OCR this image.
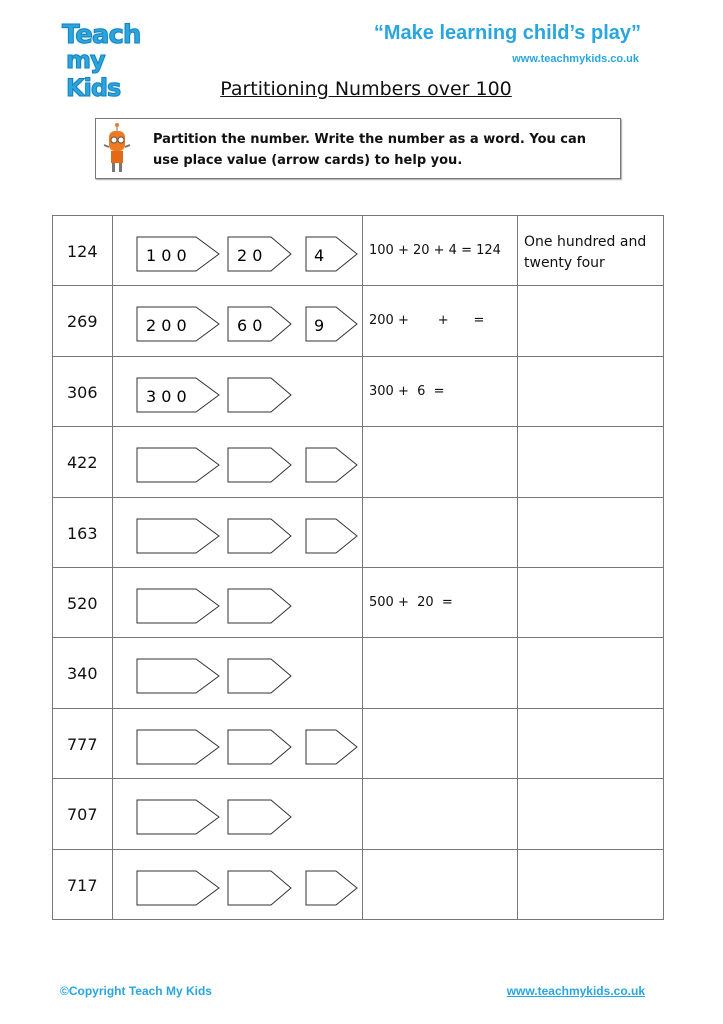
Teach
my Kids
“Make learning child’s play”
www.teachmykids.co.uk
Partitioning Numbers over 100
Partition the number. Write the number as a word. You can
use place value (arrow cards) to help you.
124	1 0 0 2 0 4	100 + 20 + 4 = 124	One hundred and twenty four

269	2 0 0 6 0 9	200 +       +      =	

306	3 0 0	300 +  6  =	

422

163

520		500 +  20  =	

340

777

707

717

©Copyright Teach My Kids	www.teachmykids.co.uk
